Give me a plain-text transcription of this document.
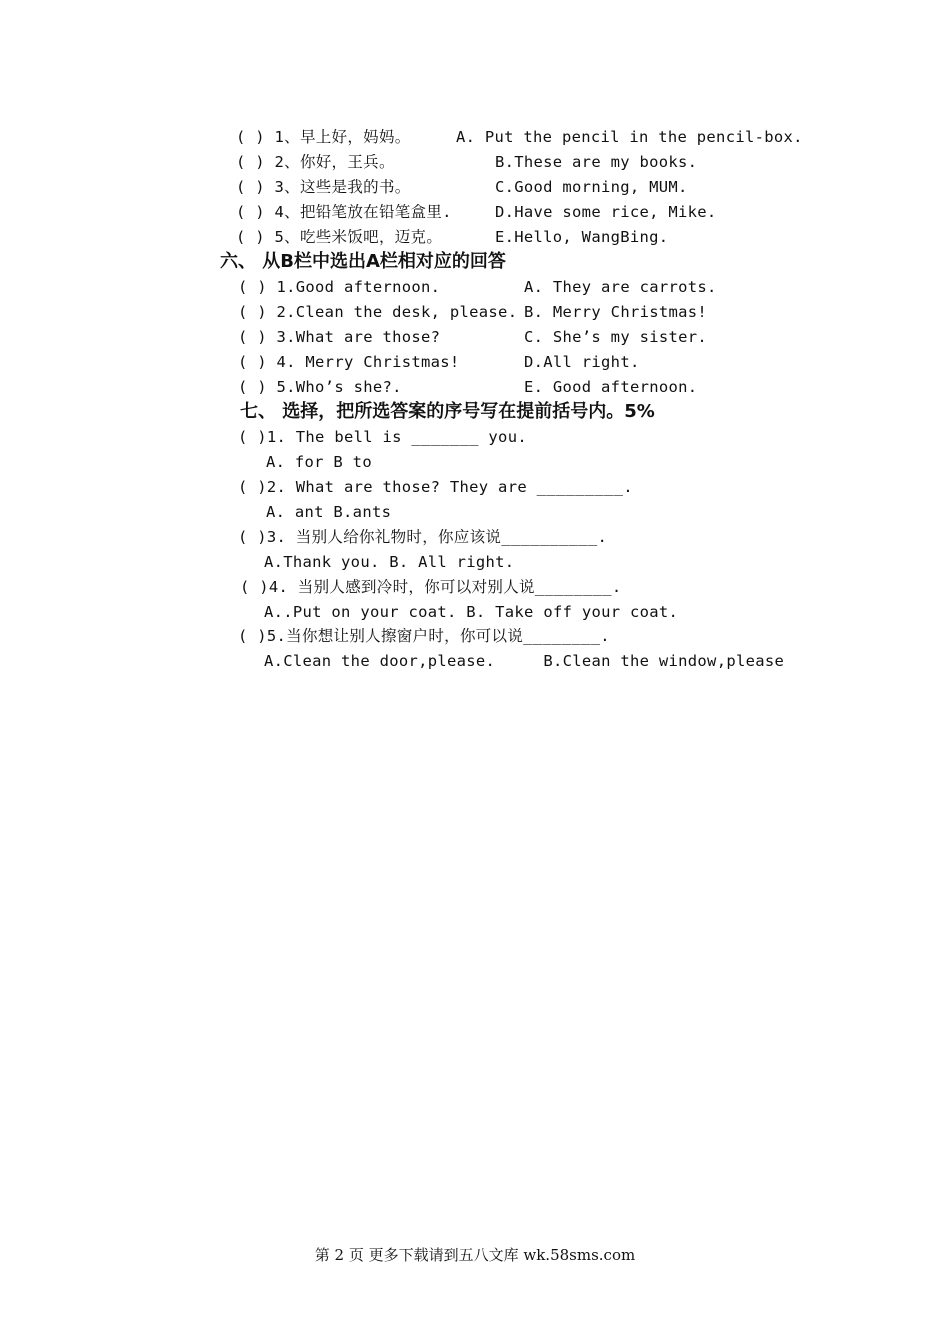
( ) 1、早上好，妈妈。	A. Put the pencil in the pencil-box.
( ) 2、你好，王兵。	B.These are my books.
( ) 3、这些是我的书。	C.Good morning, MUM.
( ) 4、把铅笔放在铅笔盒里.	D.Have some rice, Mike.
( ) 5、吃些米饭吧，迈克。	E.Hello, WangBing.
六、 从B栏中选出A栏相对应的回答
( ) 1.Good afternoon.	A. They are carrots.
( ) 2.Clean the desk, please. B. Merry Christmas!
( ) 3.What are those?	C. She’s my sister.
( ) 4. Merry Christmas!	D.All right.
( ) 5.Who’s she?.	E. Good afternoon.
七、 选择，把所选答案的序号写在提前括号内。5%
( )1. The bell is _______ you.
A. for B to
( )2. What are those? They are _________.
A. ant B.ants
( )3. 当别人给你礼物时，你应该说__________.
A.Thank you. B. All right.
( )4. 当别人感到冷时，你可以对别人说________.
A..Put on your coat. B. Take off your coat.
( )5.当你想让别人擦窗户时，你可以说________.
A.Clean the door,please.     B.Clean the window,please
第 2 页 更多下载请到五八文库 wk.58sms.com
